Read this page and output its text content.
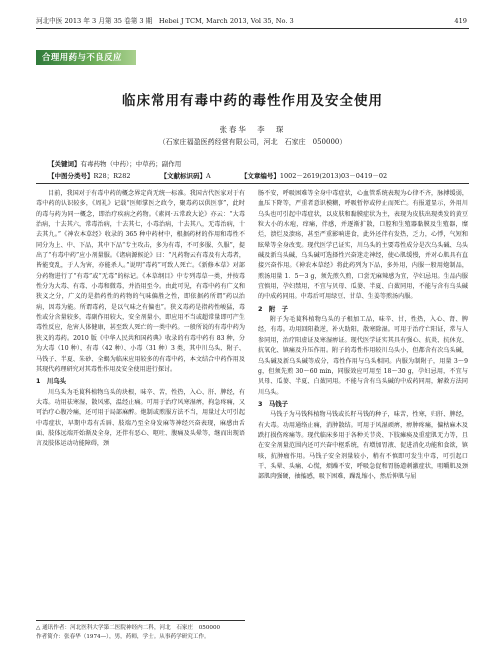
河北中医 2013 年 3 月第 35 卷第 3 期　Hebei J TCM, March 2013, Vol 35, No. 3	419
合理用药与不良反应
临床常用有毒中药的毒性作用及安全使用
张春华　李　琛
（石家庄福盈医药经营有限公司，河北　石家庄　050000）
【关键词】有毒药物（中药）；中草药；副作用
【中图分类号】R28；R282	【文献标识码】A	【文章编号】1002－2619(2013)03－0419－02

目前，我国对于有毒中药的概念界定尚无统一标准。我国古代医家对于有毒中药的认识较多，《周礼》记载“医师掌医之政令，聚毒药以供医事”，此时的毒与药为同一概念，即治疗疾病之药物。《素问·五常政大论》亦云：“大毒治病，十去其六，常毒治病，十去其七，小毒治病，十去其八，无毒治病，十去其九。”《神农本草经》收录的 365 种中药材中，根据药材的作用和毒性不同分为上、中、下品，其中下品“专主攻击，多为有毒，不可多服、久服”，提出了“有毒中药”应小剂量服。《诸病源候论》曰：“凡药物云有毒及有大毒者，皆能变乱，于人为害，亦能杀人。”说明“毒药”可致人死亡。《新修本草》对部分药物进行了“有毒”或“无毒”的标记。《本草纲目》中专列毒草一类，并按毒性分为大毒、有毒、小毒和微毒，并沿用至今。由此可见，有毒中药有广义和狭义之分，广义的是指药性的药物的气味偏胜之性，即依据药所谓“药以治病，因毒为能。所谓毒药，是以气味之有偏也”。狭义毒药是指药性峻猛，毒性或分含量较多，毒副作用较大，安全剂量小，即应用不当或超常量即可产生毒性反应，危害人体健康，甚至致人死亡的一类中药。一般所说的有毒中药为狭义的毒药。2010 版《中华人民共和国药典》收录的有毒中药有 83 种，分为大毒（10 种）、有毒（42 种）、小毒（31 种）3 类，其中川乌头、附子、马钱子、半夏、朱砂、全蝎为临床应用较多的有毒中药，本文结合中药作用及其现代药理研究对其毒性作用及安全使用进行探讨。

1　川乌头

川乌头为毛茛科植物乌头的块根，味辛、苦，性热，入心、肝、脾经，有大毒。功用祛寒湿，散风邪，温经止痛。可用于治疗风寒湿痹，拘急疼痛，又可治疗心腹冷痛，还可用于局部麻醉。炮制或煎服方法不当，用量过大可引起中毒症状，早期中毒有舌唇、肢端乃至全身发麻等神经兴奋表现，麻感由舌面、肢体远端开始渐及全身，还伴有恶心、呕吐、腹痛及头晕等，继而出现语言及肢体运动功能障碍，颈

肠不安，呼吸困难等全身中毒症状，心血管系统表现为心律不齐，脉搏缓弱，血压下降等，严重者意识模糊，呼吸暂停或停止而死亡。有报道显示，外用川乌头也可引起中毒症状，以皮肤和黏膜症状为主，表现为皮肤出现类发的黄豆粒大小的水疱，痒痛，伴感，并逐渐扩散，口腔和生殖器黏膜及生殖器，糜烂，溃烂及溃疡，甚至严重影响进食，此外还伴有发热，乏力，心悸，气短和眩晕等全身改变。现代医学已证实，川乌头的主要毒性成分是次乌头碱、乌头碱及新乌头碱，乌头碱可选择性兴奋迷走神经，使心肌缓慢，并对心肌具有直接兴奋作用。《神农本草经》将此药列为下品，多外用，内服一般用炮制品，煎汤用量 1．5～3 g，须先煎久煎，口尝无麻辣感为宜，孕妇忌用。生品内服宜慎用，孕妇禁用，不宜与贝母、瓜蒌、半夏、白蔹同用，不能与含有乌头碱的中成药同用。中毒后可用绿豆、甘草、生姜等煎汤内服。

2　附　子

附子为毛茛科植物乌头的子根加工品，味辛、甘，性热，入心、肾、脾经，有毒。功用回阳救逆，补火助阳，散寒除湿。可用于治疗亡阳证，常与人参同用，治疗阳虚证及寒湿痹证。现代医学证实其具有强心、抗炎、抗休克、抗氧化、镇痛及升压作用。附子的毒性作用较川乌头小，但都含有次乌头碱，乌头碱及新乌头碱等成分，毒性作用与乌头相同。内服为制附子，用量 3～9 g，但须先煎 30～60 min，同服效应可用至 18～30 g，孕妇忌用，不宜与贝母、瓜蒌、半夏、白蔹同用。不能与含有乌头碱的中成药同用，解救方法同川乌头。

3　马钱子

马钱子为马钱科植物马钱或长籽马钱的种子，味苦，性寒，归肝、脾经，有大毒。功用通络止痛，消肿散结。可用于风湿顽痹，痹肿疼痛，偏枯麻木及跌打损伤疼痛等。现代临床多用于各种关节炎、下肢瘫痪及重症肌无力等，且在安全剂量范围内还可兴奋中枢系统，有增加胃液、促进消化功能和食欲，镇咳，抗肿瘤作用。马钱子安全剂量较小，稍有不慎即可发生中毒，可引起口干、头晕、头痛、心慌，烦躁不安，呼吸急促和胃肠道刺激症状，咀嚼肌及颈部肌肉强硬，抽搐感，吸下困难，躁乱缩小，然后伸肌与屈

△ 通讯作者：河北医科大学第二医院神经内二科，河北　石家庄　050000
作者简介：张春华（1974—），男，药师，学士。从事药学研究工作。
